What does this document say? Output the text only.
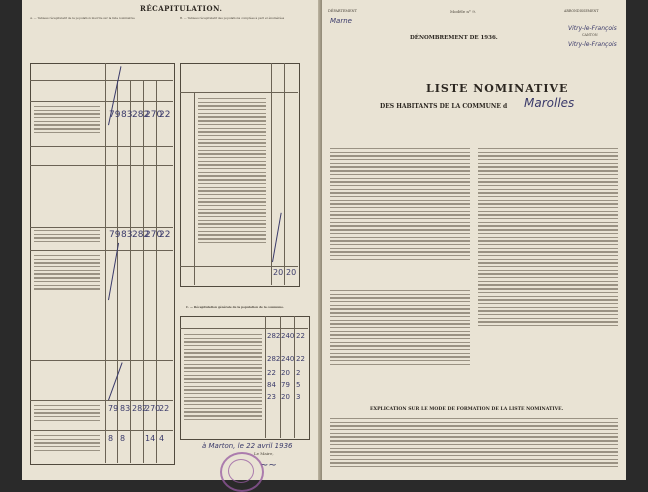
RÉCAPITULATION.
A. — Tableau récapitulatif de la population inscrite sur la liste nominative	B. — Tableau récapitulatif des populations comptées à part et énumérées
79 83 282
270
22
79 83 282
270
22
79 83 282
270
22
8 8 14 4
20 20
C. — Récapitulation générale de la population de la commune.
282 240 22
282 240 22
22 20 2
84 79 5
23 20 3
à Marton, le 22 avril 1936
Le Maire,
~~
DÉPARTEMENT
Marne
Modèle n° 9.	ARRONDISSEMENT
Vitry-le-François
CANTON
Vitry-le-François
DÉNOMBREMENT DE 1936.
LISTE NOMINATIVE
DES HABITANTS DE LA COMMUNE d Marolles
EXPLICATION SUR LE MODE DE FORMATION DE LA LISTE NOMINATIVE.
